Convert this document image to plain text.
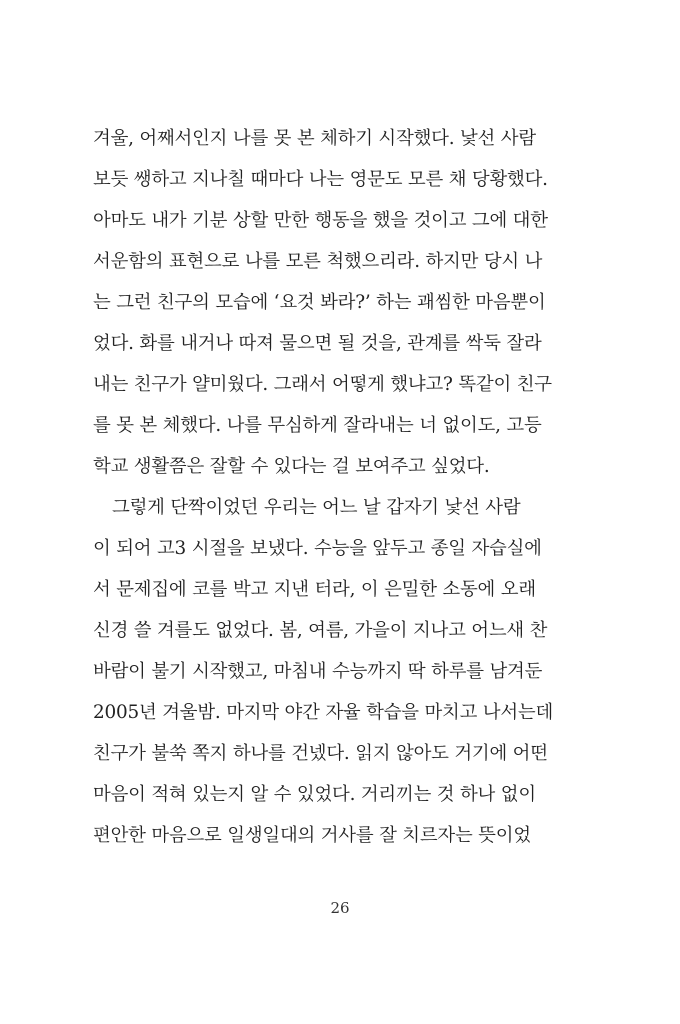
겨울, 어째서인지 나를 못 본 체하기 시작했다. 낯선 사람
보듯 쌩하고 지나칠 때마다 나는 영문도 모른 채 당황했다.
아마도 내가 기분 상할 만한 행동을 했을 것이고 그에 대한
서운함의 표현으로 나를 모른 척했으리라. 하지만 당시 나
는 그런 친구의 모습에 ‘요것 봐라?’ 하는 괘씸한 마음뿐이
었다. 화를 내거나 따져 물으면 될 것을, 관계를 싹둑 잘라
내는 친구가 얄미웠다. 그래서 어떻게 했냐고? 똑같이 친구
를 못 본 체했다. 나를 무심하게 잘라내는 너 없이도, 고등
학교 생활쯤은 잘할 수 있다는 걸 보여주고 싶었다.
그렇게 단짝이었던 우리는 어느 날 갑자기 낯선 사람
이 되어 고3 시절을 보냈다. 수능을 앞두고 종일 자습실에
서 문제집에 코를 박고 지낸 터라, 이 은밀한 소동에 오래
신경 쓸 겨를도 없었다. 봄, 여름, 가을이 지나고 어느새 찬
바람이 불기 시작했고, 마침내 수능까지 딱 하루를 남겨둔
2005년 겨울밤. 마지막 야간 자율 학습을 마치고 나서는데
친구가 불쑥 쪽지 하나를 건넸다. 읽지 않아도 거기에 어떤
마음이 적혀 있는지 알 수 있었다. 거리끼는 것 하나 없이
편안한 마음으로 일생일대의 거사를 잘 치르자는 뜻이었
26
